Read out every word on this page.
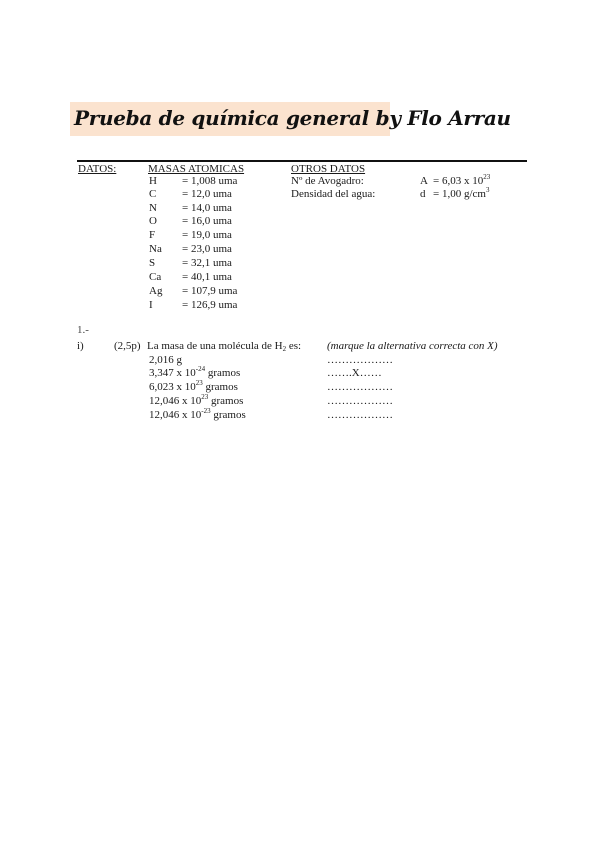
Prueba de química general by Flo Arrau
DATOS:	MASAS ATOMICAS
H = 1,008 uma
C = 12,0 uma
N = 14,0 uma
O = 16,0 uma
F = 19,0 uma
Na = 23,0 uma
S = 32,1 uma
Ca = 40,1 uma
Ag = 107,9 uma
I	= 126,9 uma
OTROS DATOS
Nº de Avogadro:	A = 6,03 x $10^{23}$
Densidad del agua:	d = 1,00 $g/cm^3$
1.-
i)	(2,5p) La masa de una molécula de $H_2$ es: (marque la alternativa correcta con X)
2,016 g	………………
3,347 x $10^{-24}$ gramos	…….X……
6,023 x $10^{23}$ gramos	………………
12,046 x $10^{23}$ gramos	………………
12,046 x $10^{-23}$ gramos	………………
